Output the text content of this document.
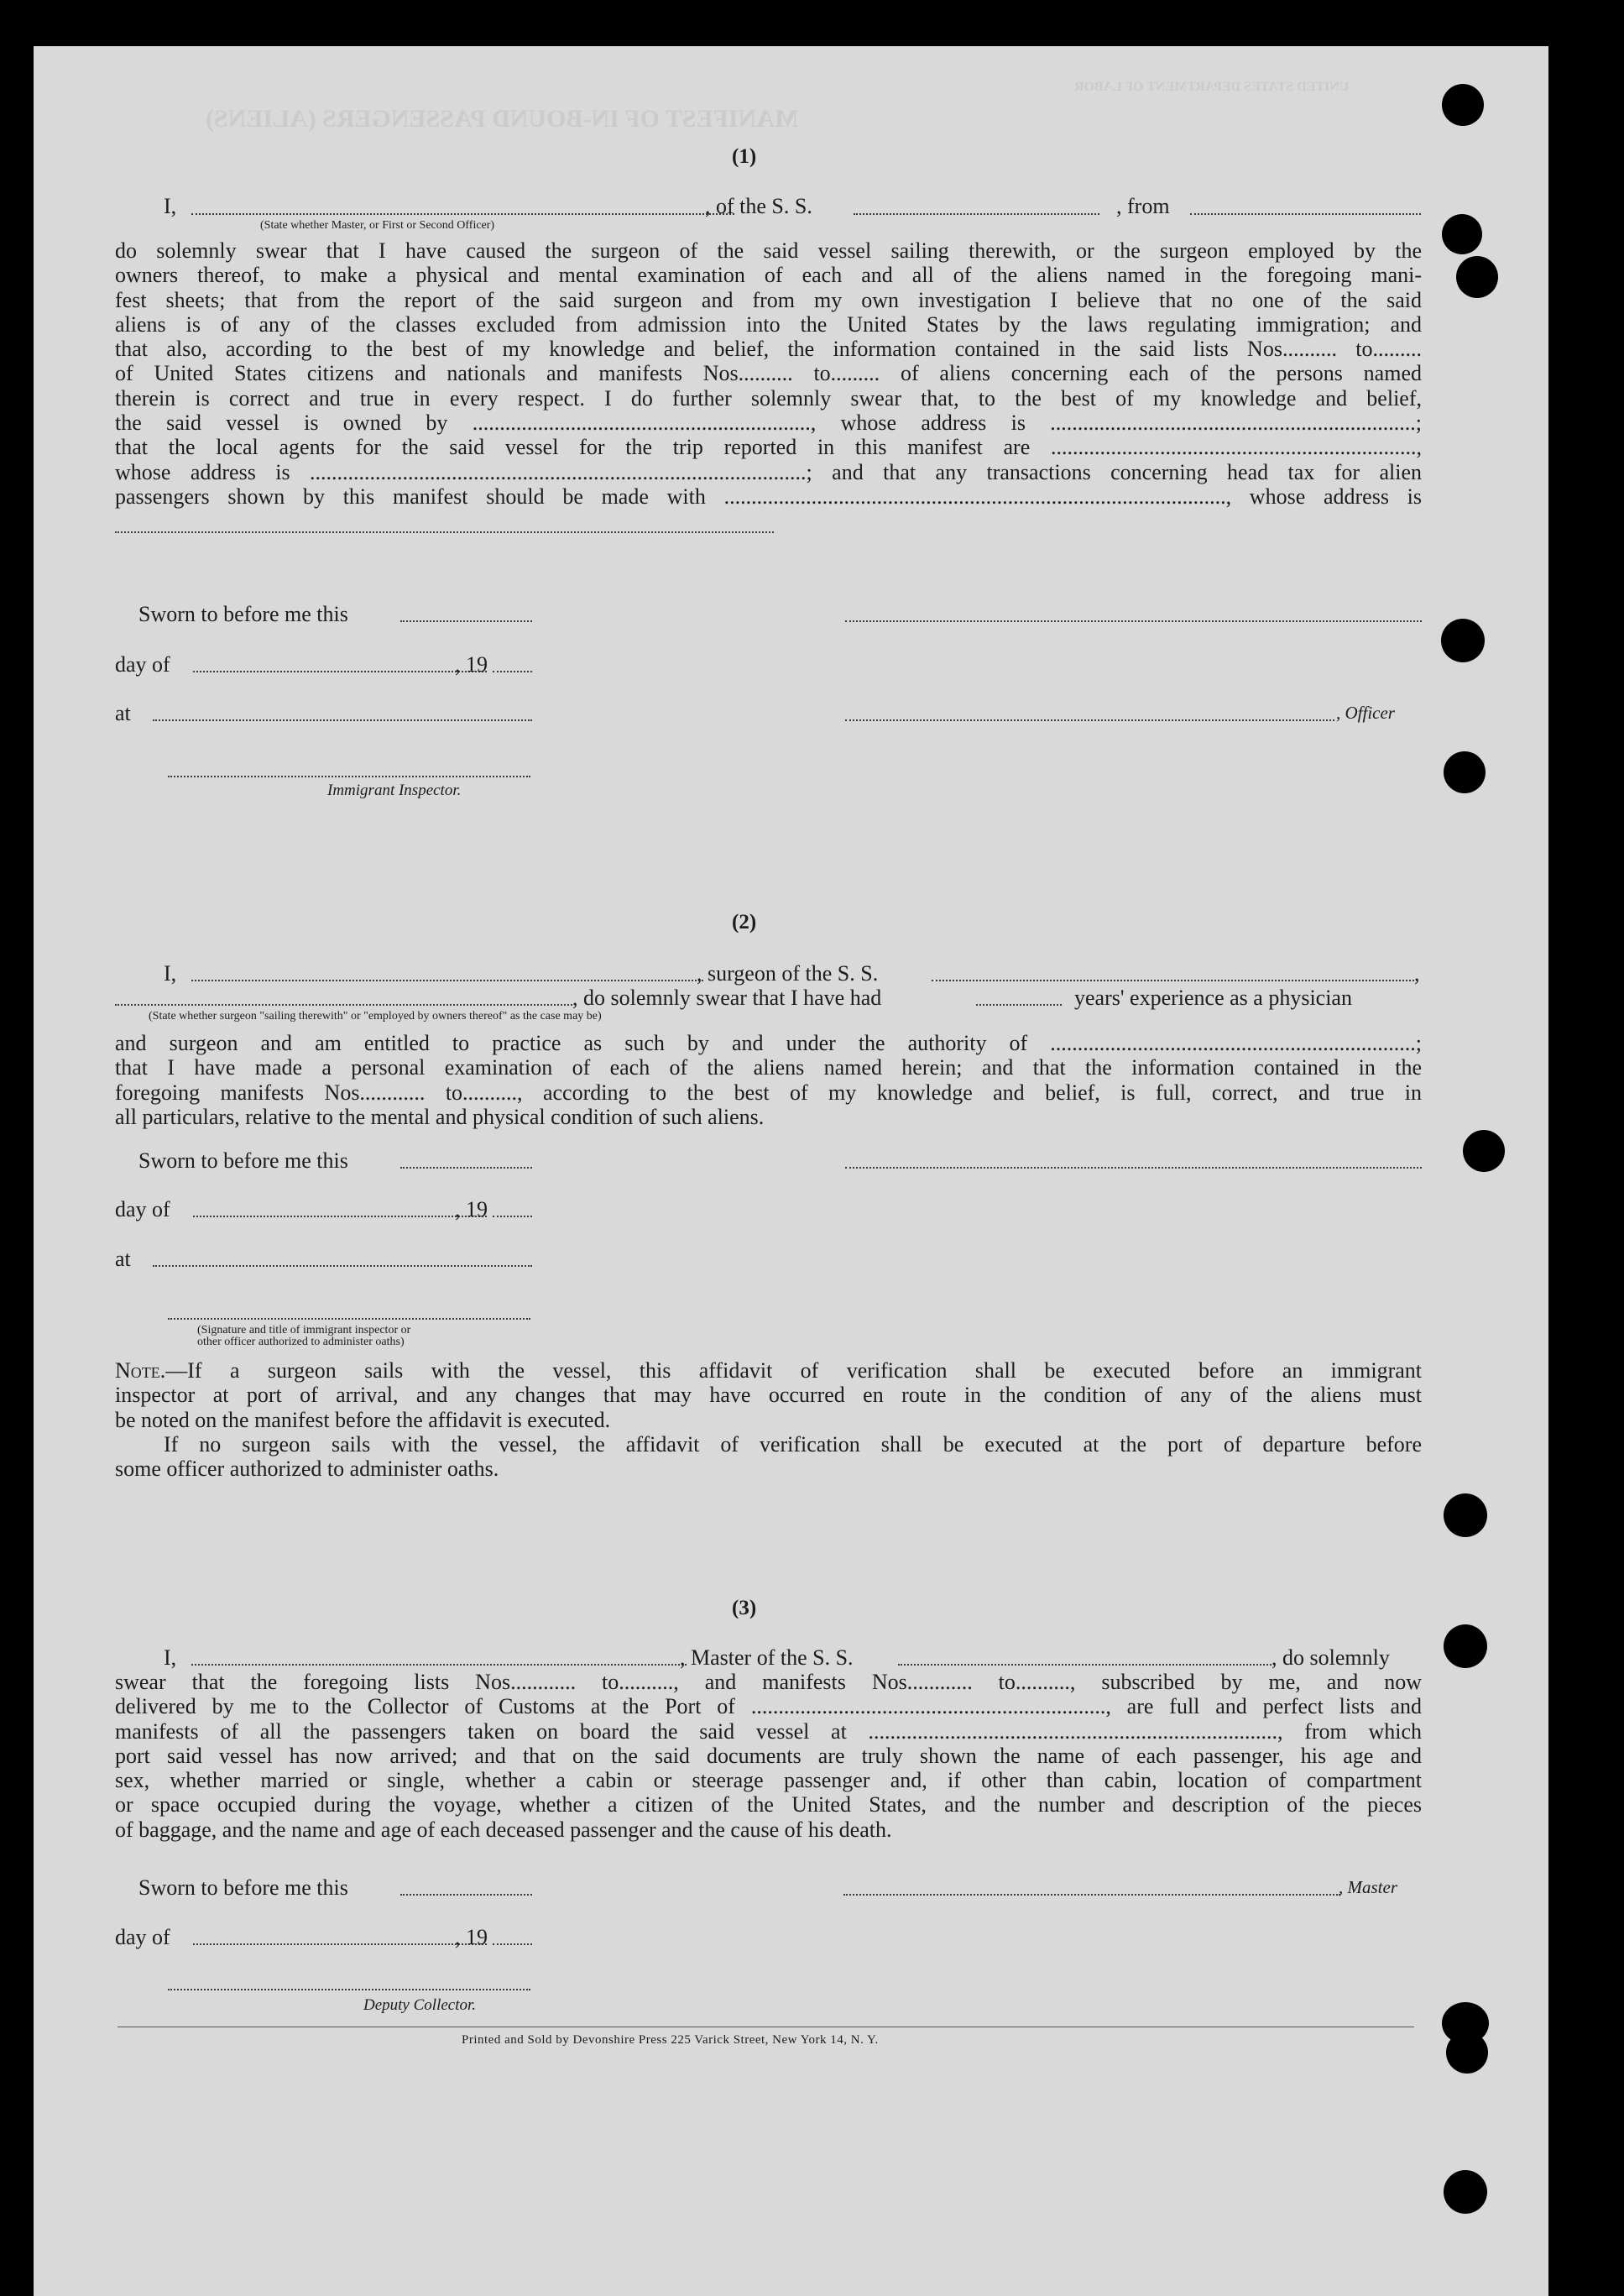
MANIFEST OF IN-BOUND PASSENGERS (ALIENS)
UNITED STATES DEPARTMENT OF LABOR
(1)
I,	, of the S. S.	, from
(State whether Master, or First or Second Officer)
do solemnly swear that I have caused the surgeon of the said vessel sailing therewith, or the surgeon employed by the
owners thereof, to make a physical and mental examination of each and all of the aliens named in the foregoing mani-
fest sheets; that from the report of the said surgeon and from my own investigation I believe that no one of the said
aliens is of any of the classes excluded from admission into the United States by the laws regulating immigration; and
that also, according to the best of my knowledge and belief, the information contained in the said lists Nos.......... to.........
of United States citizens and nationals and manifests Nos.......... to......... of aliens concerning each of the persons named
therein is correct and true in every respect. I do further solemnly swear that, to the best of my knowledge and belief,
the said vessel is owned by .............................................................., whose address is ...................................................................;
that the local agents for the said vessel for the trip reported in this manifest are ...................................................................,
whose address is ...........................................................................................; and that any transactions concerning head tax for alien
passengers shown by this manifest should be made with ............................................................................................, whose address is
Sworn to before me this
day of	, 19
at	, Officer
Immigrant Inspector.
(2)
I,	, surgeon of the S. S.	,
, do solemnly swear that I have had	years' experience as a physician
(State whether surgeon "sailing therewith" or "employed by owners thereof" as the case may be)
and surgeon and am entitled to practice as such by and under the authority of ...................................................................;
that I have made a personal examination of each of the aliens named herein; and that the information contained in the
foregoing manifests Nos............ to.........., according to the best of my knowledge and belief, is full, correct, and true in
all particulars, relative to the mental and physical condition of such aliens.
Sworn to before me this
day of	, 19
at
(Signature and title of immigrant inspector or
other officer authorized to administer oaths)
Note.—If a surgeon sails with the vessel, this affidavit of verification shall be executed before an immigrant
inspector at port of arrival, and any changes that may have occurred en route in the condition of any of the aliens must
be noted on the manifest before the affidavit is executed.
If no surgeon sails with the vessel, the affidavit of verification shall be executed at the port of departure before
some officer authorized to administer oaths.
(3)
I,	, Master of the S. S.	, do solemnly
swear that the foregoing lists Nos............ to.........., and manifests Nos............ to.........., subscribed by me, and now
delivered by me to the Collector of Customs at the Port of ................................................................., are full and perfect lists and
manifests of all the passengers taken on board the said vessel at ..........................................................................., from which
port said vessel has now arrived; and that on the said documents are truly shown the name of each passenger, his age and
sex, whether married or single, whether a cabin or steerage passenger and, if other than cabin, location of compartment
or space occupied during the voyage, whether a citizen of the United States, and the number and description of the pieces
of baggage, and the name and age of each deceased passenger and the cause of his death.
Sworn to before me this	, Master
day of	, 19
Deputy Collector.
Printed and Sold by Devonshire Press 225 Varick Street, New York 14, N. Y.
